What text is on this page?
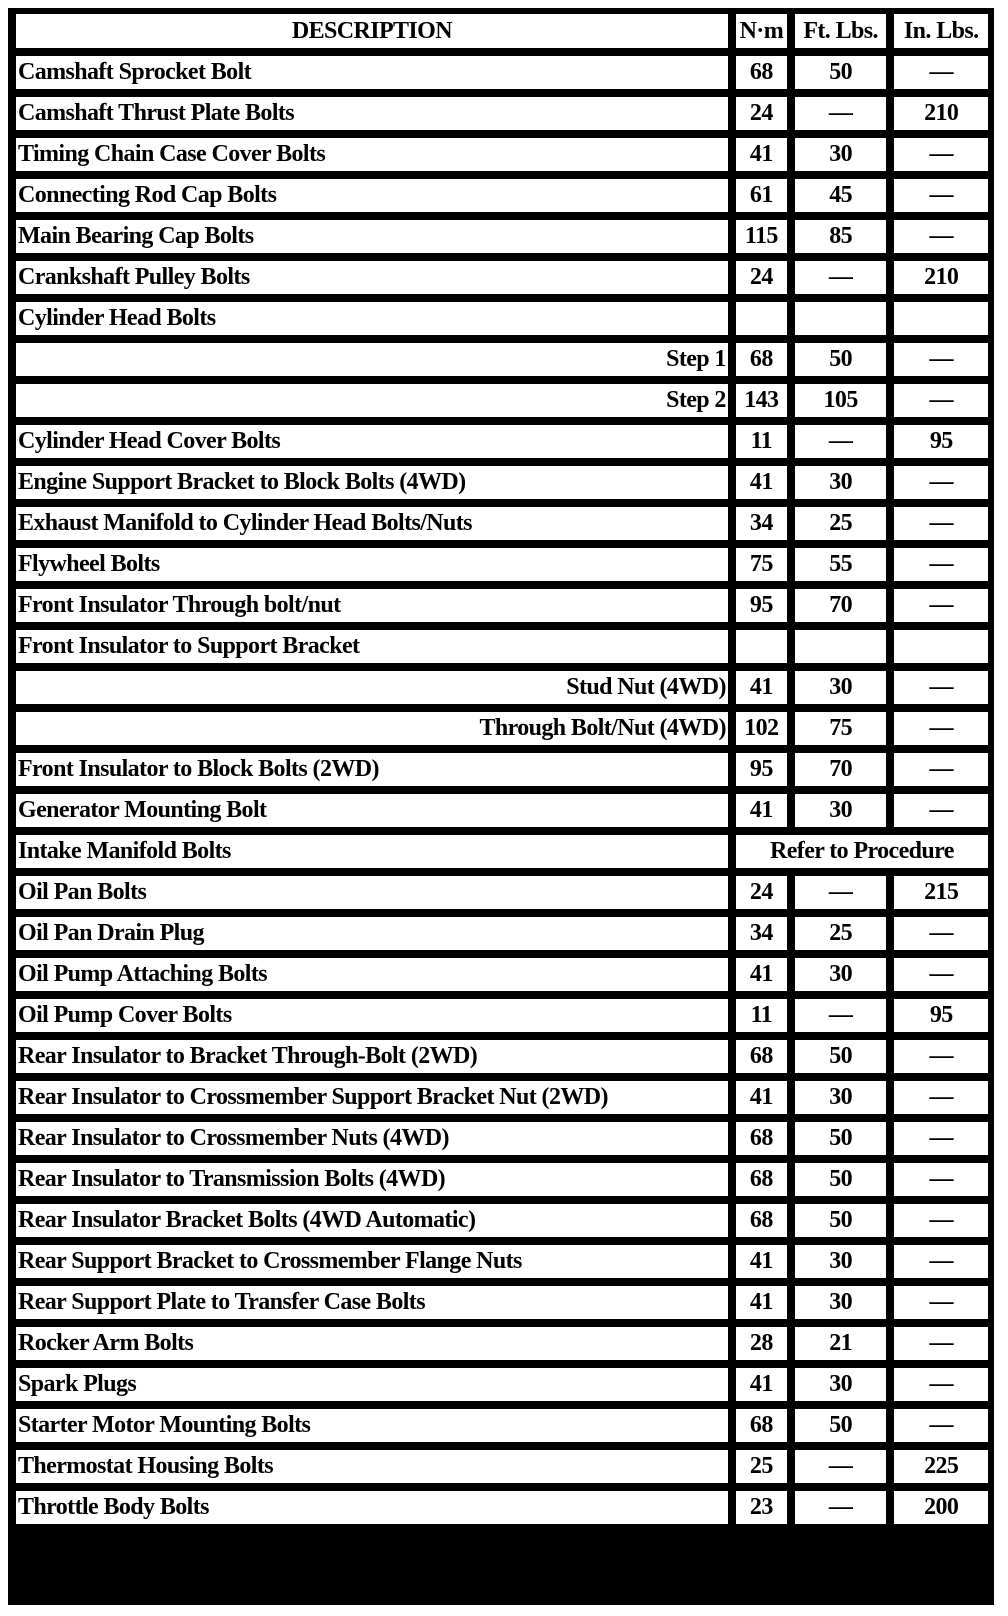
DESCRIPTION	N·m	Ft. Lbs.	In. Lbs.
Camshaft Sprocket Bolt	68	50	—
Camshaft Thrust Plate Bolts	24	—	210
Timing Chain Case Cover Bolts	41	30	—
Connecting Rod Cap Bolts	61	45	—
Main Bearing Cap Bolts	115	85	—
Crankshaft Pulley Bolts	24	—	210
Cylinder Head Bolts			
Step 1	68	50	—
Step 2	143	105	—
Cylinder Head Cover Bolts	11	—	95
Engine Support Bracket to Block Bolts (4WD)	41	30	—
Exhaust Manifold to Cylinder Head Bolts/Nuts	34	25	—
Flywheel Bolts	75	55	—
Front Insulator Through bolt/nut	95	70	—
Front Insulator to Support Bracket			
Stud Nut (4WD)	41	30	—
Through Bolt/Nut (4WD)	102	75	—
Front Insulator to Block Bolts (2WD)	95	70	—
Generator Mounting Bolt	41	30	—
Intake Manifold Bolts	Refer to Procedure		
Oil Pan Bolts	24	—	215
Oil Pan Drain Plug	34	25	—
Oil Pump Attaching Bolts	41	30	—
Oil Pump Cover Bolts	11	—	95
Rear Insulator to Bracket Through-Bolt (2WD)	68	50	—
Rear Insulator to Crossmember Support Bracket Nut (2WD)	41	30	—
Rear Insulator to Crossmember Nuts (4WD)	68	50	—
Rear Insulator to Transmission Bolts (4WD)	68	50	—
Rear Insulator Bracket Bolts (4WD Automatic)	68	50	—
Rear Support Bracket to Crossmember Flange Nuts	41	30	—
Rear Support Plate to Transfer Case Bolts	41	30	—
Rocker Arm Bolts	28	21	—
Spark Plugs	41	30	—
Starter Motor Mounting Bolts	68	50	—
Thermostat Housing Bolts	25	—	225
Throttle Body Bolts	23	—	200
